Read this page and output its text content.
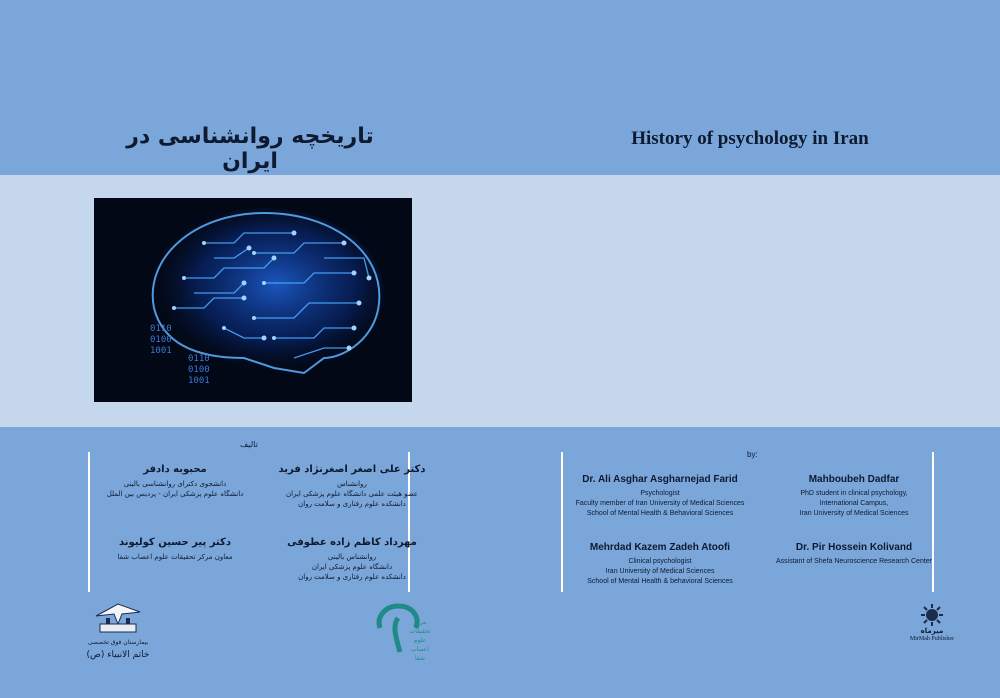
تاریخچه روانشناسی در ایران
History of psychology in Iran
0110
0100
1001
0110
0100
1001
تالیف
by:
دکتر علی اصغر اصغرنژاد فرید
روانشناس
عضو هیئت علمی دانشگاه علوم پزشکی ایران
دانشکده علوم رفتاری و سلامت روان
محبوبه دادفر
دانشجوی دکترای روانشناسی بالینی
دانشگاه علوم پزشکی ایران - پردیس بین الملل
مهرداد کاظم زاده عطوفی
روانشناس بالینی
دانشگاه علوم پزشکی ایران
دانشکده علوم رفتاری و سلامت روان
دکتر پیر حسین کولیوند
معاون مرکز تحقیقات علوم اعصاب شفا
Dr. Ali Asghar Asgharnejad Farid
Psychologist
Faculty member of Iran University of Medical Sciences
School of Mental Health & Behavioral Sciences
Mahboubeh Dadfar
PhD student in clinical psychology,
International Campus,
Iran University of Medical Sciences
Mehrdad Kazem Zadeh Atoofi
Clinical psychologist
Iran University of Medical Sciences
School of Mental Health & behavioral Sciences
Dr. Pir Hossein Kolivand
Assistant of Shefa Neuroscience Research Center
بیمارستان فوق تخصصی
خاتم الانبیاء (ص)
مرکز تحقیقات علوم اعصاب شفا
میرماه
MirMah Publisher
